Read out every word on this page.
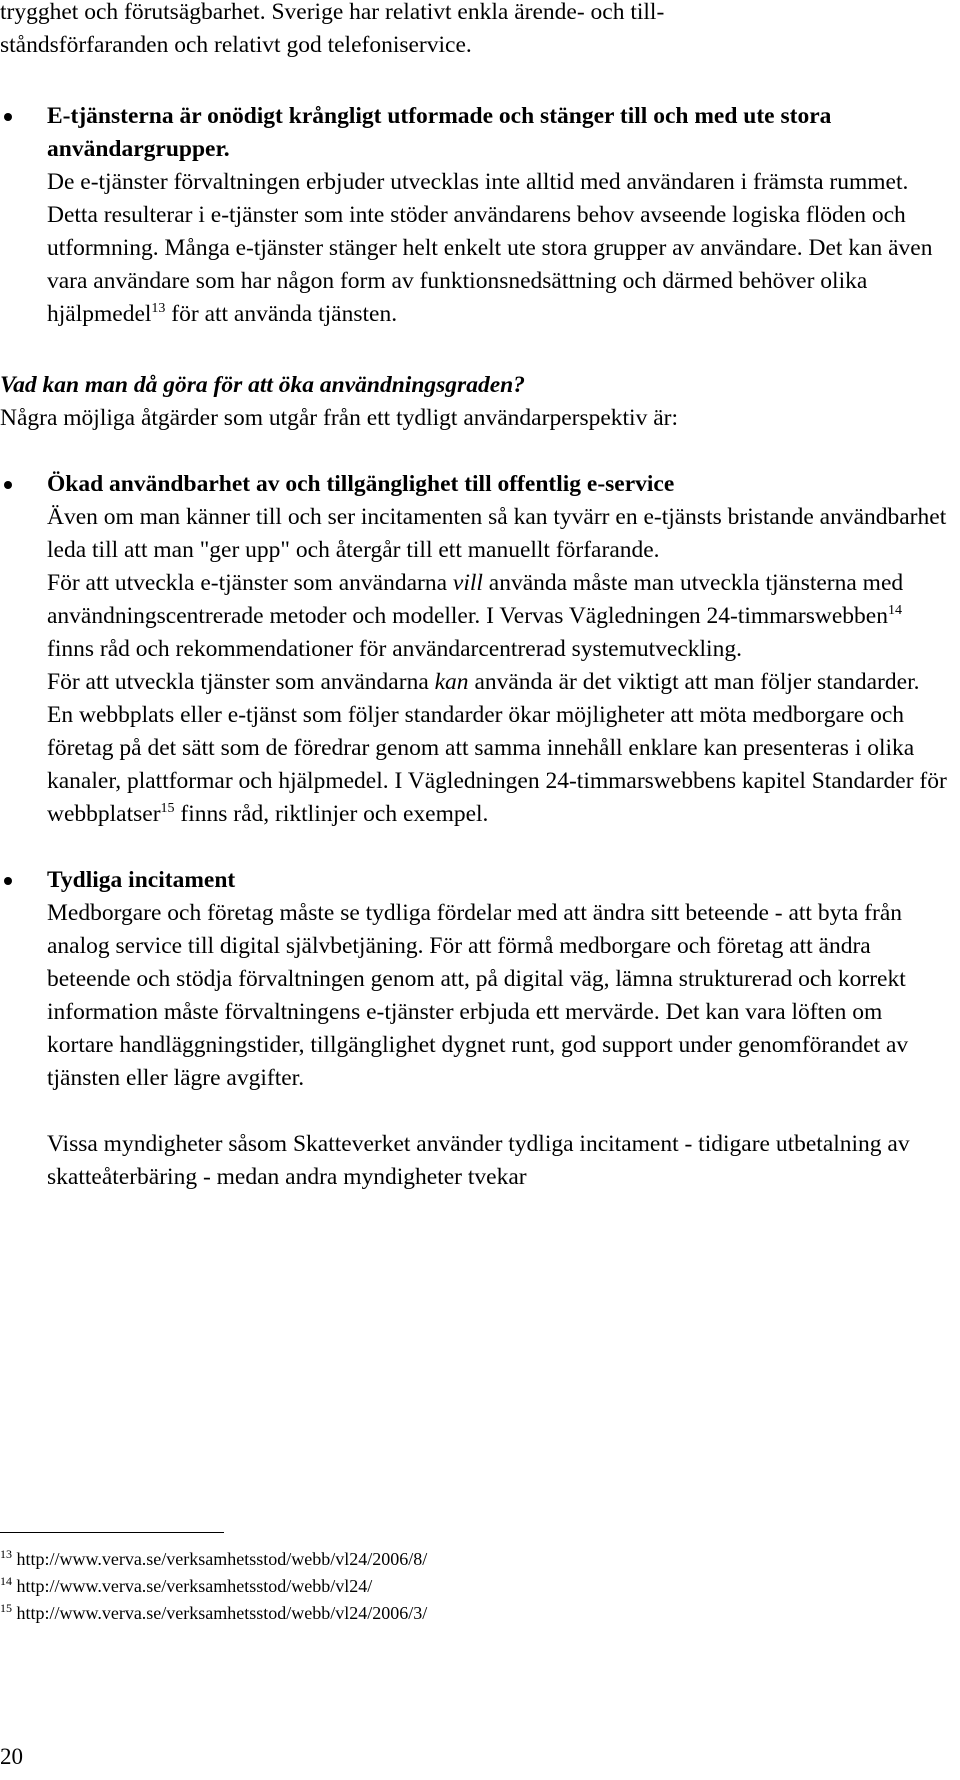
trygghet och förutsägbarhet. Sverige har relativt enkla ärende- och till-

ståndsförfaranden och relativt god telefoniservice.

E-tjänsterna är onödigt krångligt utformade och stänger till och med ute stora användargrupper.

De e-tjänster förvaltningen erbjuder utvecklas inte alltid med användaren i främsta rummet. Detta resulterar i e-tjänster som inte stöder användarens behov avseende logiska flöden och utformning. Många e-tjänster stänger helt enkelt ute stora grupper av användare. Det kan även vara användare som har någon form av funktionsnedsättning och därmed behöver olika hjälpmedel$^{13}$ för att använda tjänsten.

Vad kan man då göra för att öka användningsgraden?

Några möjliga åtgärder som utgår från ett tydligt användarperspektiv är:

Ökad användbarhet av och tillgänglighet till offentlig e-service

Även om man känner till och ser incitamenten så kan tyvärr en e-tjänsts bristande användbarhet leda till att man "ger upp" och återgår till ett manuellt förfarande.

För att utveckla e-tjänster som användarna vill använda måste man utveckla tjänsterna med användningscentrerade metoder och modeller. I Vervas Vägledningen 24-timmarswebben$^{14}$ finns råd och rekommendationer för användarcentrerad systemutveckling.

För att utveckla tjänster som användarna kan använda är det viktigt att man följer standarder. En webbplats eller e-tjänst som följer standarder ökar möjligheter att möta medborgare och företag på det sätt som de föredrar genom att samma innehåll enklare kan presenteras i olika kanaler, plattformar och hjälpmedel. I Vägledningen 24-timmarswebbens kapitel Standarder för webbplatser$^{15}$ finns råd, riktlinjer och exempel.

Tydliga incitament

Medborgare och företag måste se tydliga fördelar med att ändra sitt beteende - att byta från analog service till digital självbetjäning. För att förmå medborgare och företag att ändra beteende och stödja förvaltningen genom att, på digital väg, lämna strukturerad och korrekt information måste förvaltningens e-tjänster erbjuda ett mervärde. Det kan vara löften om kortare handläggningstider, tillgänglighet dygnet runt, god support under genomförandet av tjänsten eller lägre avgifter.

Vissa myndigheter såsom Skatteverket använder tydliga incitament - tidigare utbetalning av skatteåterbäring - medan andra myndigheter tvekar

$^{13}$ http://www.verva.se/verksamhetsstod/webb/vl24/2006/8/
$^{14}$ http://www.verva.se/verksamhetsstod/webb/vl24/
$^{15}$ http://www.verva.se/verksamhetsstod/webb/vl24/2006/3/
20
